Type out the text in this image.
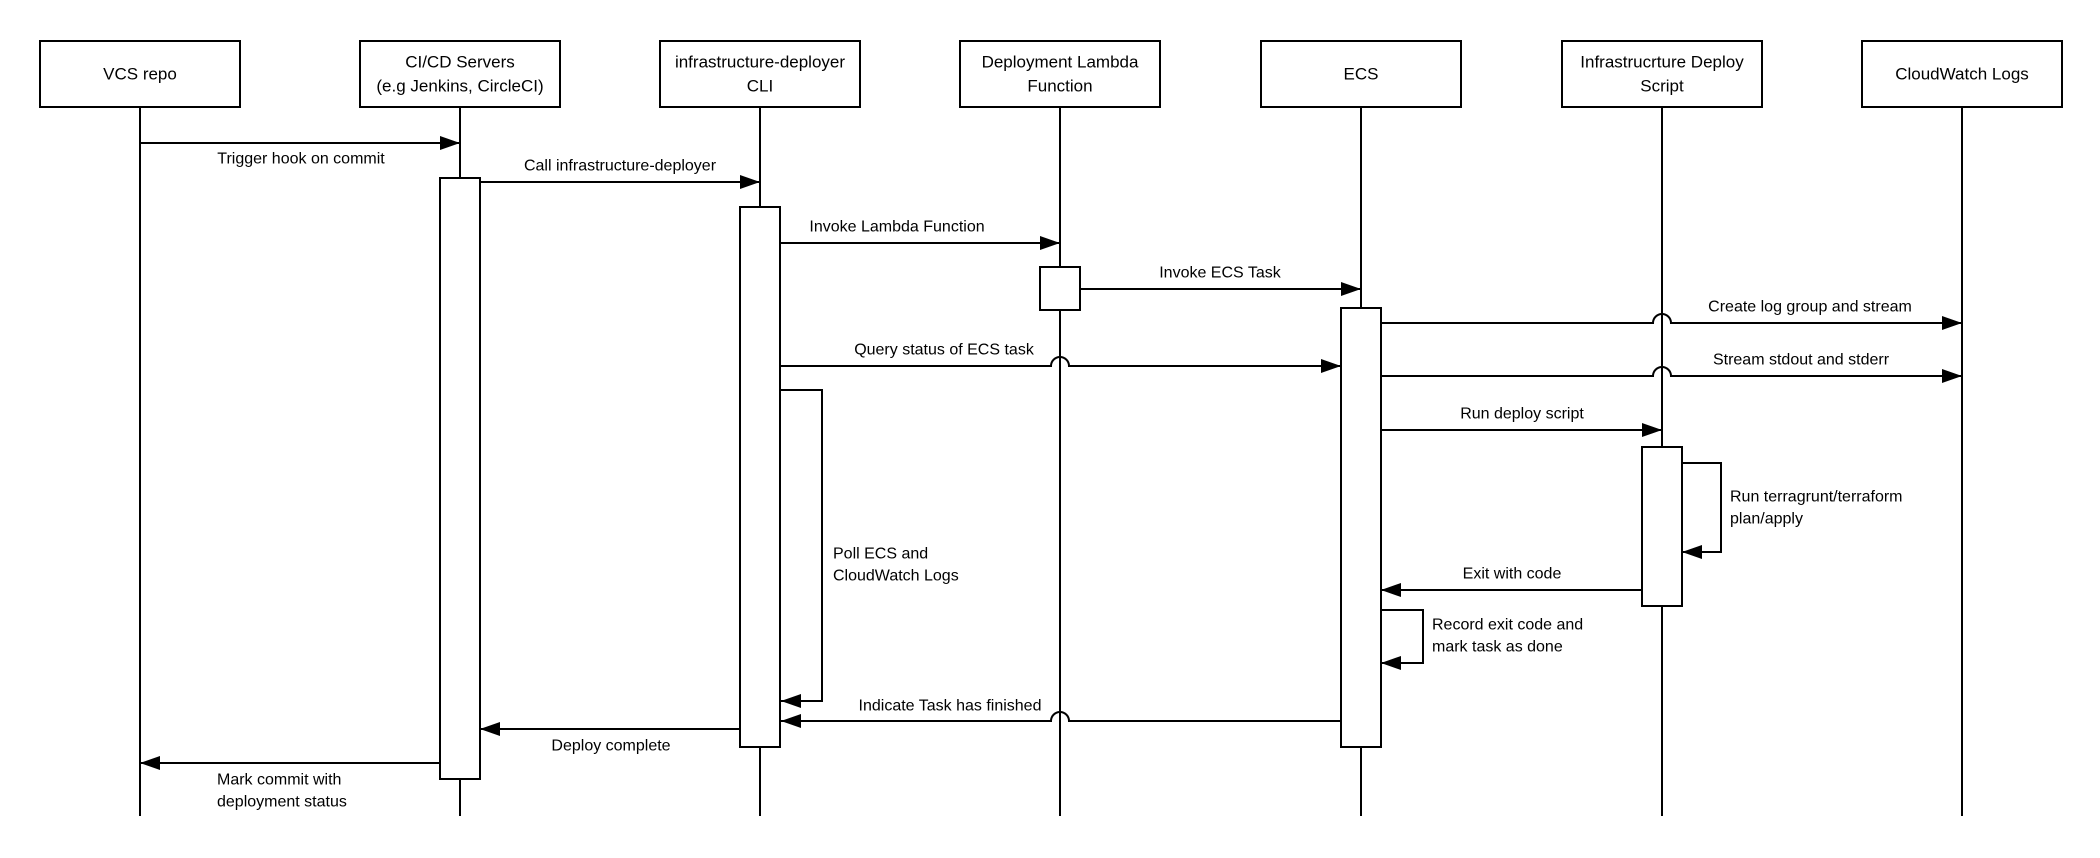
Trigger hook on commit	Call infrastructure-deployer
Invoke Lambda Function
Invoke ECS Task
Create log group and stream
Query status of ECS task
Stream stdout and stderr
Run deploy script
Exit with code
Indicate Task has finished
Deploy complete
Mark commit with
deployment status
Poll ECS and
CloudWatch Logs
Run terragrunt/terraform
plan/apply
Record exit code and
mark task as done
VCS repo
CI/CD Servers
(e.g Jenkins, CircleCI)
infrastructure-deployer
CLI
Deployment Lambda
Function
ECS
Infrastrucrture Deploy
Script
CloudWatch Logs
